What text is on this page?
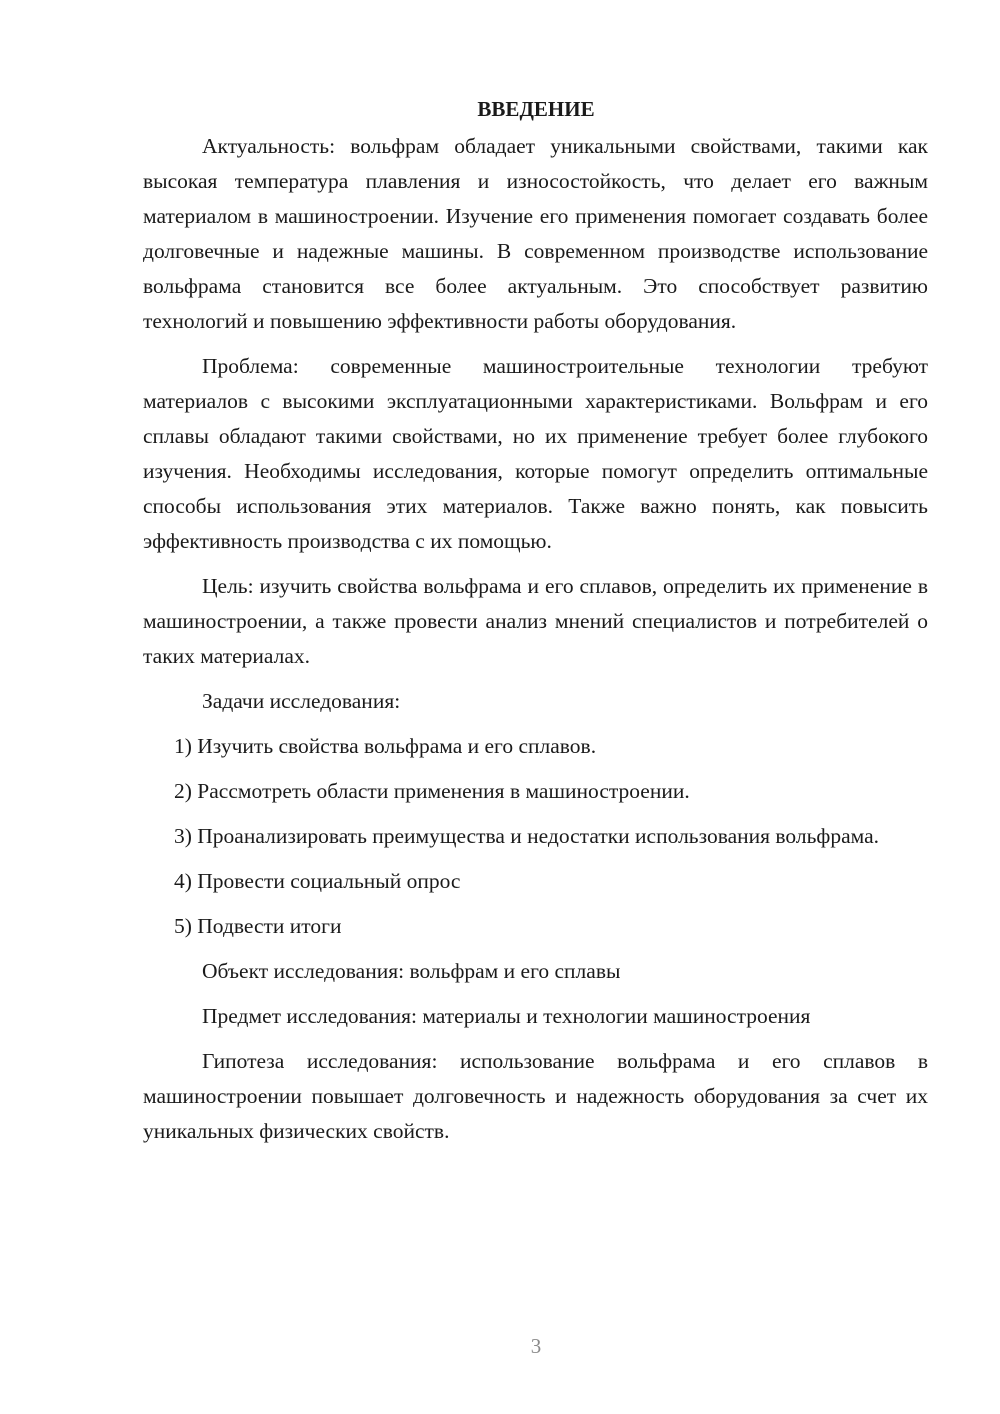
ВВЕДЕНИЕ

Актуальность: вольфрам обладает уникальными свойствами, такими как высокая температура плавления и износостойкость, что делает его важным материалом в машиностроении. Изучение его применения помогает создавать более долговечные и надежные машины. В современном производстве использование вольфрама становится все более актуальным. Это способствует развитию технологий и повышению эффективности работы оборудования.

Проблема: современные машиностроительные технологии требуют материалов с высокими эксплуатационными характеристиками. Вольфрам и его сплавы обладают такими свойствами, но их применение требует более глубокого изучения. Необходимы исследования, которые помогут определить оптимальные способы использования этих материалов. Также важно понять, как повысить эффективность производства с их помощью.

Цель: изучить свойства вольфрама и его сплавов, определить их применение в машиностроении, а также провести анализ мнений специалистов и потребителей о таких материалах.

Задачи исследования:

1) Изучить свойства вольфрама и его сплавов.

2) Рассмотреть области применения в машиностроении.

3) Проанализировать преимущества и недостатки использования вольфрама.

4) Провести социальный опрос

5) Подвести итоги

Объект исследования: вольфрам и его сплавы

Предмет исследования: материалы и технологии машиностроения

Гипотеза исследования: использование вольфрама и его сплавов в машиностроении повышает долговечность и надежность оборудования за счет их уникальных физических свойств.

3
